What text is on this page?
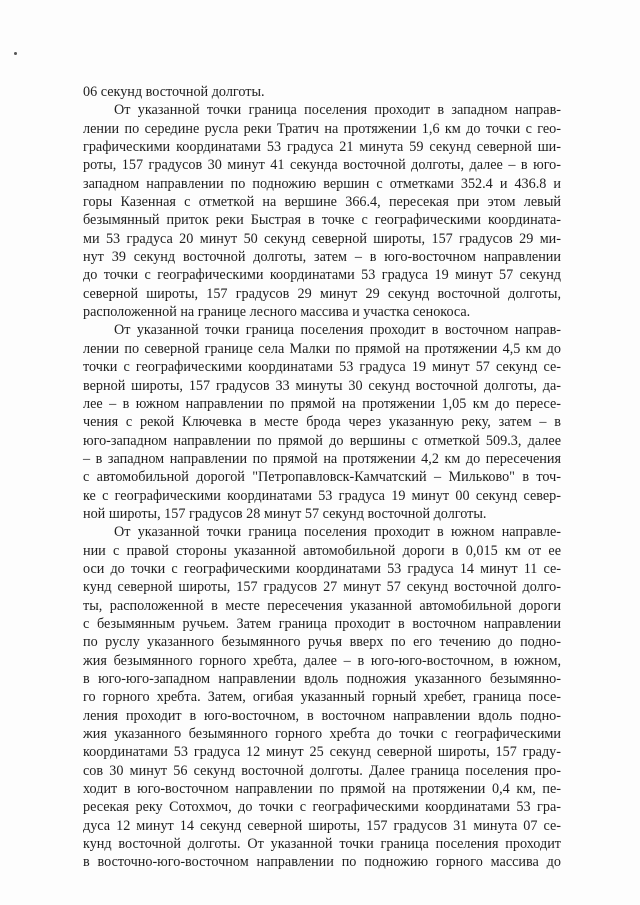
06 секунд восточной долготы.
От указанной точки граница поселения проходит в западном направ-
лении по середине русла реки Тратич на протяжении 1,6 км до точки с гео-
графическими координатами 53 градуса 21 минута 59 секунд северной ши-
роты, 157 градусов 30 минут 41 секунда восточной долготы, далее – в юго-
западном направлении по подножию вершин с отметками 352.4 и 436.8 и
горы Казенная с отметкой на вершине 366.4, пересекая при этом левый
безымянный приток реки Быстрая в точке с географическими координата-
ми 53 градуса 20 минут 50 секунд северной широты, 157 градусов 29 ми-
нут 39 секунд восточной долготы, затем – в юго-восточном направлении
до точки с географическими координатами 53 градуса 19 минут 57 секунд
северной широты, 157 градусов 29 минут 29 секунд восточной долготы,
расположенной на границе лесного массива и участка сенокоса.
От указанной точки граница поселения проходит в восточном направ-
лении по северной границе села Малки по прямой на протяжении 4,5 км до
точки с географическими координатами 53 градуса 19 минут 57 секунд се-
верной широты, 157 градусов 33 минуты 30 секунд восточной долготы, да-
лее – в южном направлении по прямой на протяжении 1,05 км до пересе-
чения с рекой Ключевка в месте брода через указанную реку, затем – в
юго-западном направлении по прямой до вершины с отметкой 509.3, далее
– в западном направлении по прямой на протяжении 4,2 км до пересечения
с автомобильной дорогой "Петропавловск-Камчатский – Мильково" в точ-
ке с географическими координатами 53 градуса 19 минут 00 секунд север-
ной широты, 157 градусов 28 минут 57 секунд восточной долготы.
От указанной точки граница поселения проходит в южном направле-
нии с правой стороны указанной автомобильной дороги в 0,015 км от ее
оси до точки с географическими координатами 53 градуса 14 минут 11 се-
кунд северной широты, 157 градусов 27 минут 57 секунд восточной долго-
ты, расположенной в месте пересечения указанной автомобильной дороги
с безымянным ручьем. Затем граница проходит в восточном направлении
по руслу указанного безымянного ручья вверх по его течению до подно-
жия безымянного горного хребта, далее – в юго-юго-восточном, в южном,
в юго-юго-западном направлении вдоль подножия указанного безымянно-
го горного хребта. Затем, огибая указанный горный хребет, граница посе-
ления проходит в юго-восточном, в восточном направлении вдоль подно-
жия указанного безымянного горного хребта до точки с географическими
координатами 53 градуса 12 минут 25 секунд северной широты, 157 граду-
сов 30 минут 56 секунд восточной долготы. Далее граница поселения про-
ходит в юго-восточном направлении по прямой на протяжении 0,4 км, пе-
ресекая реку Сотохмоч, до точки с географическими координатами 53 гра-
дуса 12 минут 14 секунд северной широты, 157 градусов 31 минута 07 се-
кунд восточной долготы. От указанной точки граница поселения проходит
в восточно-юго-восточном направлении по подножию горного массива до
